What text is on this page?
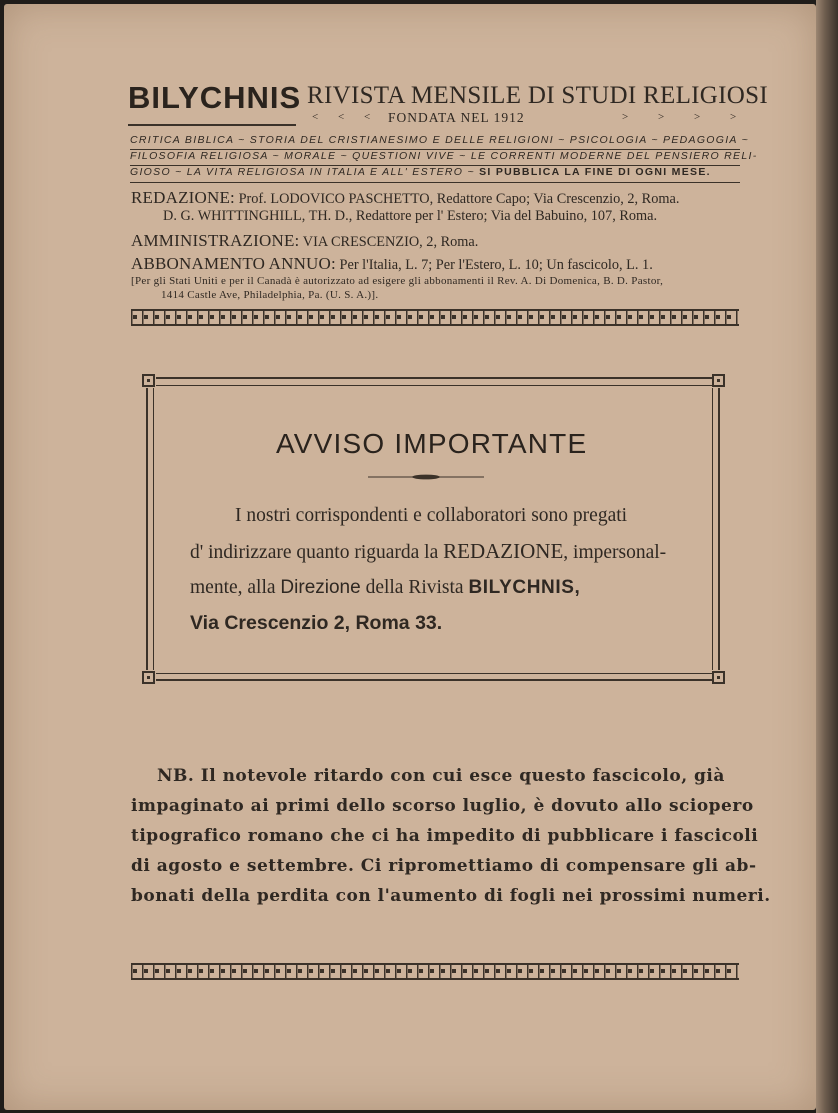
BILYCHNIS RIVISTA MENSILE DI STUDI RELIGIOSI
< < < FONDATA NEL 1912	>	>	>	>
CRITICA BIBLICA ~ STORIA DEL CRISTIANESIMO E DELLE RELIGIONI ~ PSICOLOGIA ~ PEDAGOGIA ~
FILOSOFIA RELIGIOSA ~ MORALE ~ QUESTIONI VIVE ~ LE CORRENTI MODERNE DEL PENSIERO RELI-
GIOSO ~ LA VITA RELIGIOSA IN ITALIA E ALL' ESTERO ~ SI PUBBLICA LA FINE DI OGNI MESE.
REDAZIONE: Prof. LODOVICO PASCHETTO, Redattore Capo; Via Crescenzio, 2, Roma.
D. G. WHITTINGHILL, TH. D., Redattore per l' Estero; Via del Babuino, 107, Roma.
AMMINISTRAZIONE: VIA CRESCENZIO, 2, Roma.
ABBONAMENTO ANNUO: Per l'Italia, L. 7; Per l'Estero, L. 10; Un fascicolo, L. 1.
[Per gli Stati Uniti e per il Canadà è autorizzato ad esigere gli abbonamenti il Rev. A. Di Domenica, B. D. Pastor,
1414 Castle Ave, Philadelphia, Pa. (U. S. A.)].
AVVISO IMPORTANTE
I nostri corrispondenti e collaboratori sono pregati
d' indirizzare quanto riguarda la REDAZIONE, impersonal-
mente, alla Direzione della Rivista BILYCHNIS,
Via Crescenzio 2, Roma 33.
NB. Il notevole ritardo con cui esce questo fascicolo, già
impaginato ai primi dello scorso luglio, è dovuto allo sciopero
tipografico romano che ci ha impedito di pubblicare i fascicoli
di agosto e settembre. Ci ripromettiamo di compensare gli ab-
bonati della perdita con l'aumento di fogli nei prossimi numeri.
